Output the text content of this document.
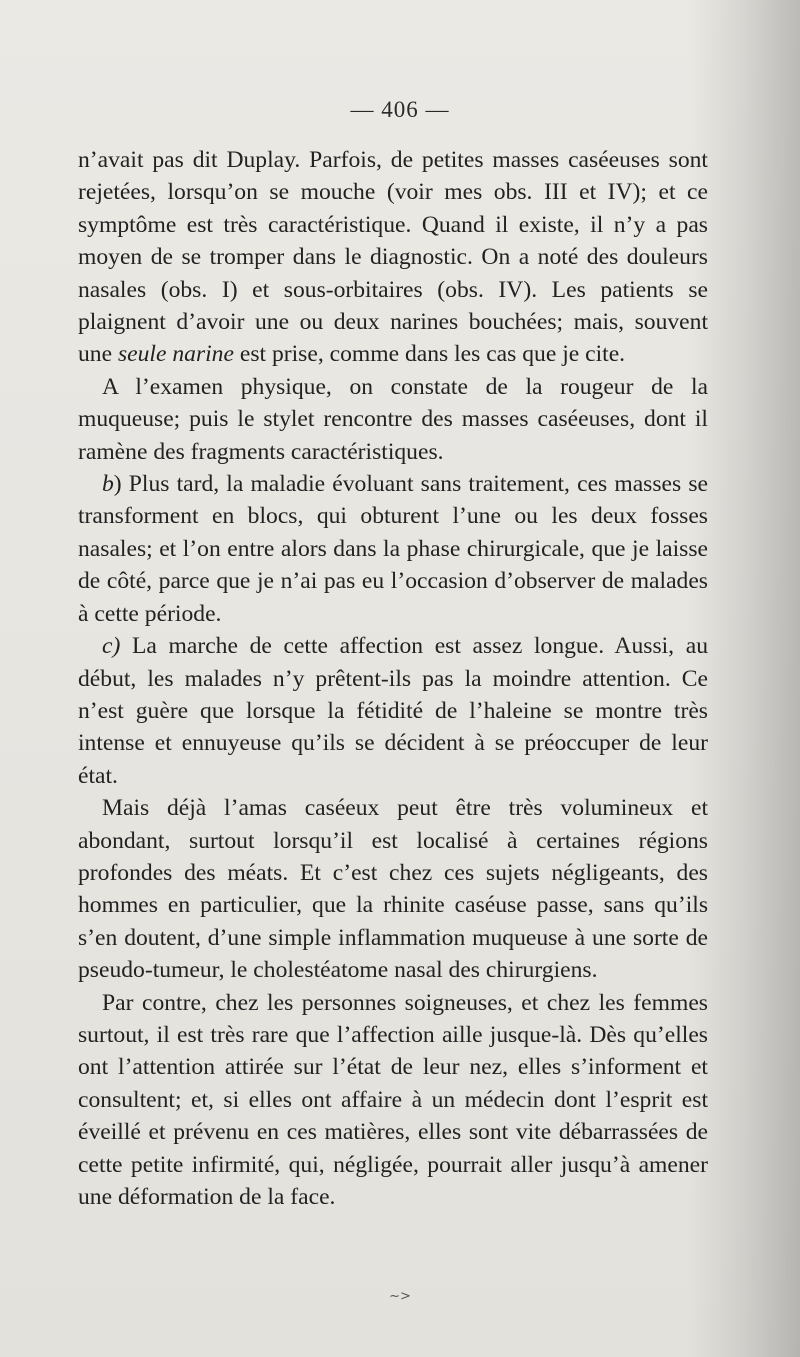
— 406 —

n’avait pas dit Duplay. Parfois, de petites masses caséeuses sont rejetées, lorsqu’on se mouche (voir mes obs. III et IV); et ce symptôme est très caractéristique. Quand il existe, il n’y a pas moyen de se tromper dans le diagnostic. On a noté des douleurs nasales (obs. I) et sous-orbitaires (obs. IV). Les patients se plaignent d’avoir une ou deux narines bouchées; mais, souvent une seule narine est prise, comme dans les cas que je cite.

A l’examen physique, on constate de la rougeur de la muqueuse; puis le stylet rencontre des masses caséeuses, dont il ramène des fragments caractéristiques.

b) Plus tard, la maladie évoluant sans traitement, ces masses se transforment en blocs, qui obturent l’une ou les deux fosses nasales; et l’on entre alors dans la phase chirurgicale, que je laisse de côté, parce que je n’ai pas eu l’occasion d’observer de malades à cette période.

c) La marche de cette affection est assez longue. Aussi, au début, les malades n’y prêtent-ils pas la moindre attention. Ce n’est guère que lorsque la fétidité de l’haleine se montre très intense et ennuyeuse qu’ils se décident à se préoccuper de leur état.

Mais déjà l’amas caséeux peut être très volumineux et abondant, surtout lorsqu’il est localisé à certaines régions profondes des méats. Et c’est chez ces sujets négligeants, des hommes en particulier, que la rhinite caséuse passe, sans qu’ils s’en doutent, d’une simple inflammation muqueuse à une sorte de pseudo-tumeur, le cholestéatome nasal des chirurgiens.

Par contre, chez les personnes soigneuses, et chez les femmes surtout, il est très rare que l’affection aille jusque-là. Dès qu’elles ont l’attention attirée sur l’état de leur nez, elles s’informent et consultent; et, si elles ont affaire à un médecin dont l’esprit est éveillé et prévenu en ces matières, elles sont vite débarrassées de cette petite infirmité, qui, négligée, pourrait aller jusqu’à amener une déformation de la face.

~>
